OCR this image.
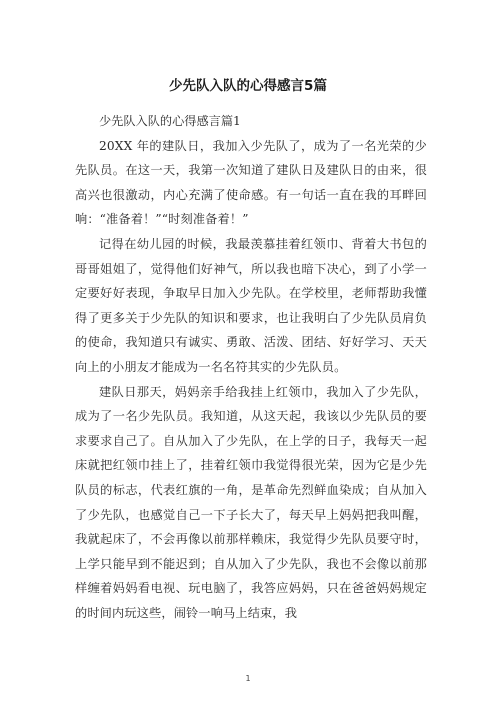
少先队入队的心得感言5篇

少先队入队的心得感言篇1

20XX 年的建队日，我加入少先队了，成为了一名光荣的少先队员。在这一天，我第一次知道了建队日及建队日的由来，很高兴也很激动，内心充满了使命感。有一句话一直在我的耳畔回响：“准备着！”“时刻准备着！”

记得在幼儿园的时候，我最羡慕挂着红领巾、背着大书包的哥哥姐姐了，觉得他们好神气，所以我也暗下决心，到了小学一定要好好表现，争取早日加入少先队。在学校里，老师帮助我懂得了更多关于少先队的知识和要求，也让我明白了少先队员肩负的使命，我知道只有诚实、勇敢、活泼、团结、好好学习、天天向上的小朋友才能成为一名名符其实的少先队员。

建队日那天，妈妈亲手给我挂上红领巾，我加入了少先队，成为了一名少先队员。我知道，从这天起，我该以少先队员的要求要求自己了。自从加入了少先队，在上学的日子，我每天一起床就把红领巾挂上了，挂着红领巾我觉得很光荣，因为它是少先队员的标志，代表红旗的一角，是革命先烈鲜血染成；自从加入了少先队，也感觉自己一下子长大了，每天早上妈妈把我叫醒，我就起床了，不会再像以前那样赖床，我觉得少先队员要守时，上学只能早到不能迟到；自从加入了少先队，我也不会像以前那样缠着妈妈看电视、玩电脑了，我答应妈妈，只在爸爸妈妈规定的时间内玩这些，闹铃一响马上结束，我

1
